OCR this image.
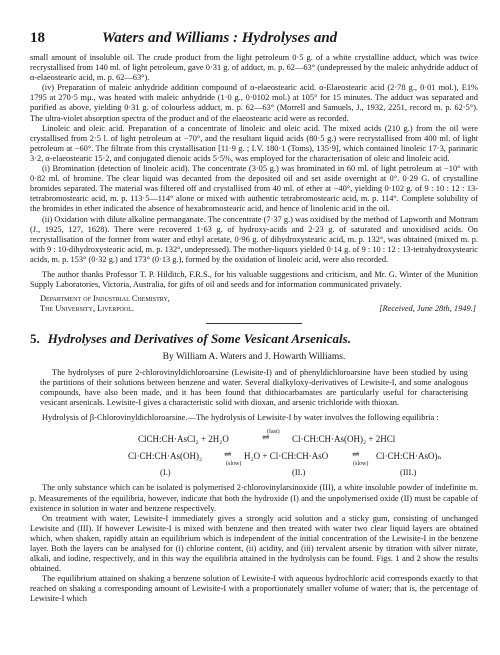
18	Waters and Williams : Hydrolyses and

small amount of insoluble oil. The crude product from the light petroleum 0·5 g. of a white crystalline adduct, which was twice recrystallised from 140 ml. of light petroleum, gave 0·31 g. of adduct, m. p. 62—63° (undepressed by the maleic anhydride adduct of α-elaeostearic acid, m. p. 62—63°).

(iv) Preparation of maleic anhydride addition compound of α-elaeostearic acid. α-Elaeostearic acid (2·78 g., 0·01 mol.), E1% 1795 at 270·5 mμ., was heated with maleic anhydride (1·0 g., 0·0102 mol.) at 105° for 15 minutes. The adduct was separated and purified as above, yielding 0·31 g. of colourless adduct, m. p. 62—63° (Morrell and Samuels, J., 1932, 2251, record m. p. 62·5°). The ultra-violet absorption spectra of the product and of the elaeostearic acid were as recorded.

Linoleic and oleic acid. Preparation of a concentrate of linoleic and oleic acid. The mixed acids (210 g.) from the oil were crystallised from 2·5 l. of light petroleum at −70°, and the resultant liquid acids (80·5 g.) were recrystallised from 400 ml. of light petroleum at −60°. The filtrate from this crystallisation [11·9 g. ; I.V. 180·1 (Toms), 135·9], which contained linoleic 17·3, parinaric 3·2, α-elaeostearic 15·2, and conjugated dienoic acids 5·5%, was employed for the characterisation of oleic and linoleic acid.

(i) Bromination (detection of linoleic acid). The concentrate (3·05 g.) was brominated in 60 ml. of light petroleum at −10° with 0·82 ml. of bromine. The clear liquid was decanted from the deposited oil and set aside overnight at 0°. 0·29 G. of crystalline bromides separated. The material was filtered off and crystallised from 40 ml. of ether at −40°, yielding 0·102 g. of 9 : 10 : 12 : 13-tetrabromostearic acid, m. p. 113·5—114° alone or mixed with authentic tetrabromostearic acid, m. p. 114°. Complete solubility of the bromides in ether indicated the absence of hexabromostearic acid, and hence of linolenic acid in the oil.

(ii) Oxidation with dilute alkaline permanganate. The concentrate (7·37 g.) was oxidised by the method of Lapworth and Mottram (J., 1925, 127, 1628). There were recovered 1·63 g. of hydroxy-acids and 2·23 g. of saturated and unoxidised acids. On recrystallisation of the former from water and ethyl acetate, 0·96 g. of dihydroxystearic acid, m. p. 132°, was obtained (mixed m. p. with 9 : 10-dihydroxystearic acid, m. p. 132°, undepressed). The mother-liquors yielded 0·14 g. of 9 : 10 : 12 : 13-tetrahydroxystearic acids, m. p. 153° (0·32 g.) and 173° (0·13 g.), formed by the oxidation of linoleic acid, were also recorded.

The author thanks Professor T. P. Hilditch, F.R.S., for his valuable suggestions and criticism, and Mr. G. Winter of the Munition Supply Laboratories, Victoria, Australia, for gifts of oil and seeds and for information communicated privately.

Department of Industrial Chemistry,
The University, Liverpool.	[Received, June 28th, 1949.]
5. Hydrolyses and Derivatives of Some Vesicant Arsenicals.
By William A. Waters and J. Howarth Williams.

The hydrolyses of pure 2-chlorovinyldichloroarsine (Lewisite-I) and of phenyldichloroarsine have been studied by using the partitions of their solutions between benzene and water. Several dialkyloxy-derivatives of Lewisite-I, and some analogous compounds, have also been made, and it has been found that dithiocarbamates are particularly useful for characterising vesicant arsenicals. Lewisite-I gives a characteristic solid with dioxan, and arsenic trichloride with thioxan.

Hydrolysis of β-Chlorovinyldichloroarsine.—The hydrolysis of Lewisite-I by water involves the following equilibria :

ClCH:CH·AsCl₂ + 2H₂O
(fast)
⇌ Cl·CH:CH·As(OH)₂ + 2HCl
Cl·CH:CH·As(OH)₂ ⇌
(slow)
H₂O + Cl·CH:CH·AsO	⇌
(slow)
Cl·CH:CH·AsO)ₙ
(I.)	(II.)	(III.)

The only substance which can be isolated is polymerised 2-chlorovinylarsinoxide (III), a white insoluble powder of indefinite m. p. Measurements of the equilibria, however, indicate that both the hydroxide (I) and the unpolymerised oxide (II) must be capable of existence in solution in water and benzene respectively.

On treatment with water, Lewisite-I immediately gives a strongly acid solution and a sticky gum, consisting of unchanged Lewisite and (III). If however Lewisite-I is mixed with benzene and then treated with water two clear liquid layers are obtained which, when shaken, rapidly attain an equilibrium which is independent of the initial concentration of the Lewisite-I in the benzene layer. Both the layers can be analysed for (i) chlorine content, (ii) acidity, and (iii) tervalent arsenic by titration with silver nitrate, alkali, and iodine, respectively, and in this way the equilibria attained in the hydrolysis can be found. Figs. 1 and 2 show the results obtained.

The equilibrium attained on shaking a benzene solution of Lewisite-I with aqueous hydrochloric acid corresponds exactly to that reached on shaking a corresponding amount of Lewisite-I with a proportionately smaller volume of water; that is, the percentage of Lewisite-I which
